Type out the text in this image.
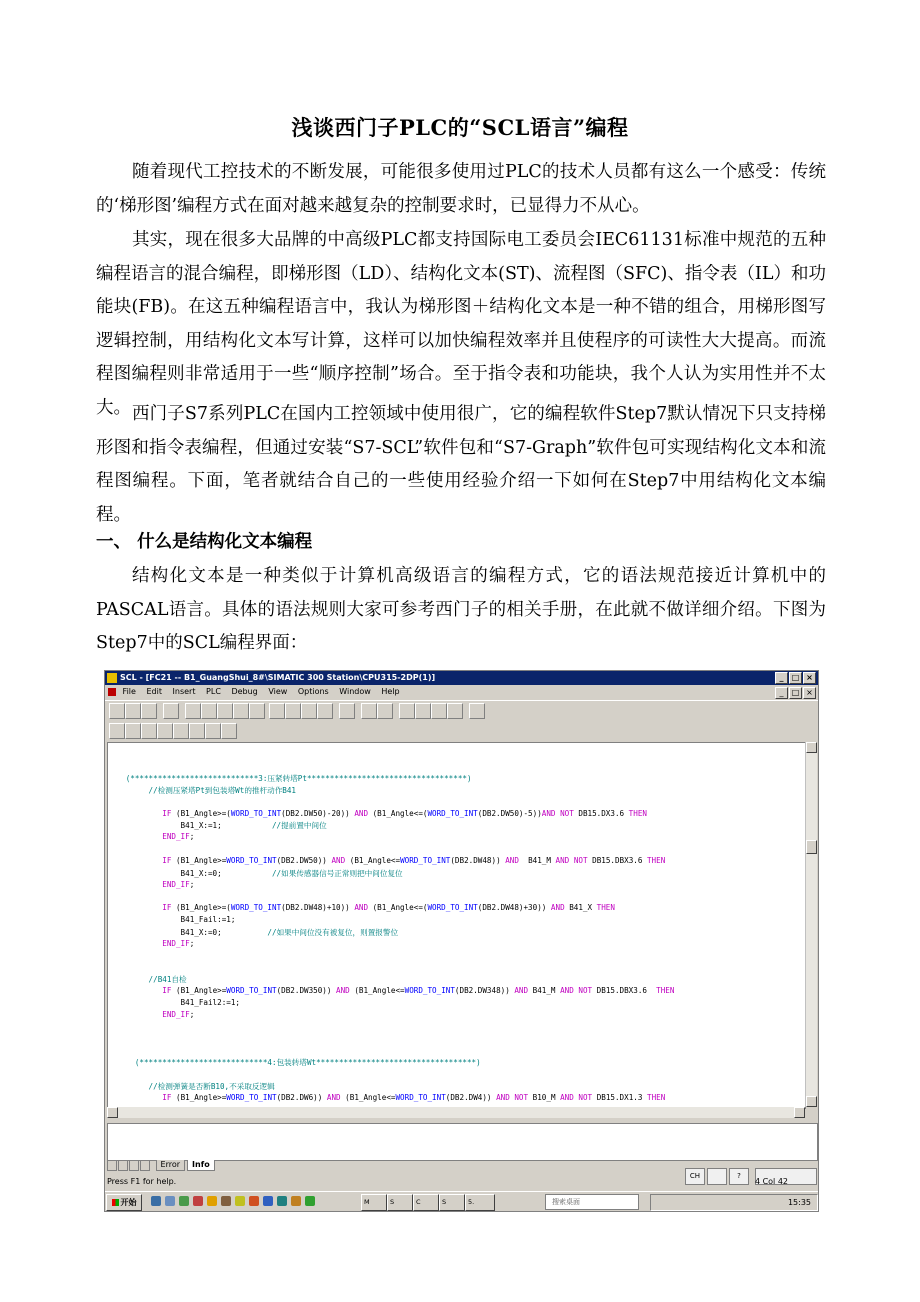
浅谈西门子PLC的“SCL语言”编程
随着现代工控技术的不断发展，可能很多使用过PLC的技术人员都有这么一个感受：传统的‘梯形图’编程方式在面对越来越复杂的控制要求时，已显得力不从心。
其实，现在很多大品牌的中高级PLC都支持国际电工委员会IEC61131标准中规范的五种编程语言的混合编程，即梯形图（LD）、结构化文本(ST)、流程图（SFC)、指令表（IL）和功能块(FB)。在这五种编程语言中，我认为梯形图＋结构化文本是一种不错的组合，用梯形图写逻辑控制，用结构化文本写计算，这样可以加快编程效率并且使程序的可读性大大提高。而流程图编程则非常适用于一些“顺序控制”场合。至于指令表和功能块，我个人认为实用性并不太大。 西门子S7系列PLC在国内工控领域中使用很广，它的编程软件Step7默认情况下只支持梯形图和指令表编程，但通过安装“S7-SCL”软件包和“S7-Graph”软件包可实现结构化文本和流程图编程。下面，笔者就结合自己的一些使用经验介绍一下如何在Step7中用结构化文本编程。
一、 什么是结构化文本编程
结构化文本是一种类似于计算机高级语言的编程方式，它的语法规范接近计算机中的PASCAL语言。具体的语法规则大家可参考西门子的相关手册，在此就不做详细介绍。下图为Step7中的SCL编程界面：
SCL - [FC21 -- B1_GuangShui_8#\SIMATIC 300 Station\CPU315-2DP(1)]	_ □ ×
File Edit Insert PLC Debug View Options Window Help	_ □ ×
(****************************3:压紧转塔Pt***********************************)
//检测压紧塔Pt到包装塔Wt的推杆动作B41
IF (B1_Angle>=(WORD_TO_INT(DB2.DW50)-20)) AND (B1_Angle<=(WORD_TO_INT(DB2.DW50)-5))AND NOT DB15.DX3.6 THEN
B41_X:=1;           //提前置中间位
END_IF;
IF (B1_Angle>=WORD_TO_INT(DB2.DW50)) AND (B1_Angle<=WORD_TO_INT(DB2.DW48)) AND  B41_M AND NOT DB15.DBX3.6 THEN
B41_X:=0;           //如果传感器信号正常则把中间位复位
END_IF;
IF (B1_Angle>=(WORD_TO_INT(DB2.DW48)+10)) AND (B1_Angle<=(WORD_TO_INT(DB2.DW48)+30)) AND B41_X THEN
B41_Fail:=1;
B41_X:=0;          //如果中间位没有被复位，则置报警位
END_IF;
//B41自检
IF (B1_Angle>=WORD_TO_INT(DB2.DW350)) AND (B1_Angle<=WORD_TO_INT(DB2.DW348)) AND B41_M AND NOT DB15.DBX3.6  THEN
B41_Fail2:=1;
END_IF;
(****************************4:包装转塔Wt***********************************)
//检测弹簧是否断B10,不采取反逻辑
IF (B1_Angle>=WORD_TO_INT(DB2.DW6)) AND (B1_Angle<=WORD_TO_INT(DB2.DW4)) AND NOT B10_M AND NOT DB15.DX1.3 THEN
Error Info
CH	?
Press F1 for help.	4 Col 42
开始	M	S	C	S	5.	搜索桌面	15:35
